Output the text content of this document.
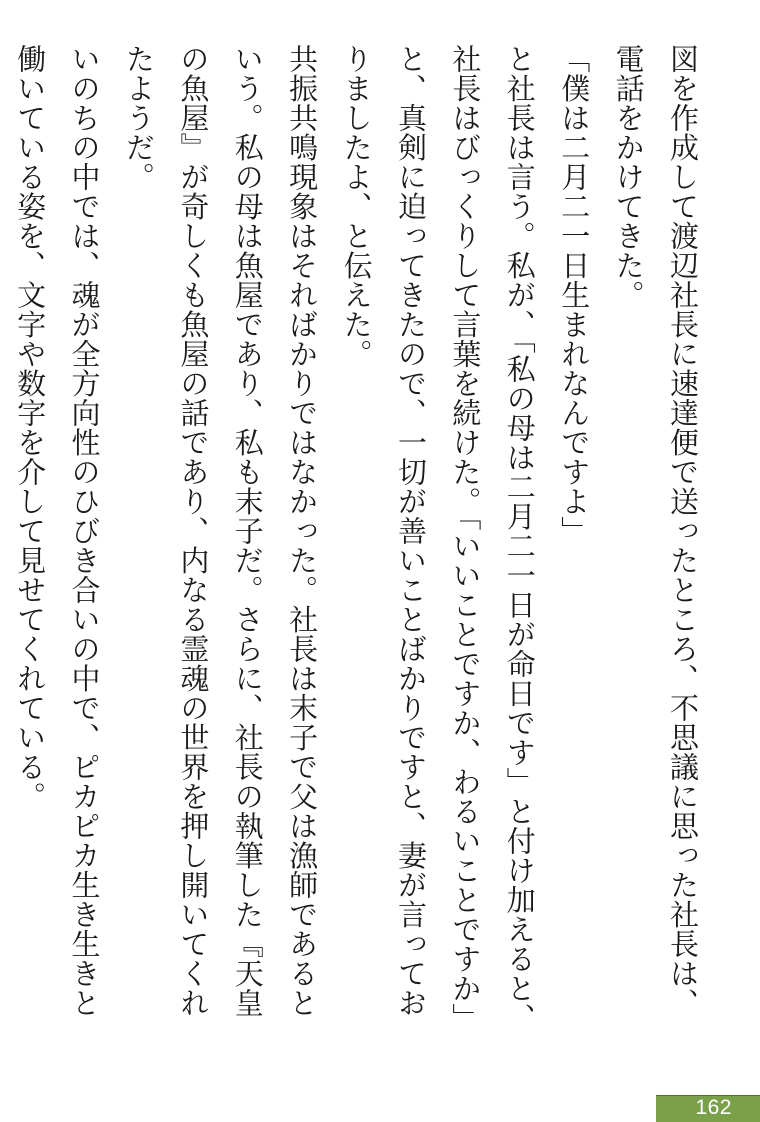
図を作成して渡辺社長に速達便で送ったところ、不思議に思った社長は、電話をかけてきた。

「僕は二月二一日生まれなんですよ」

と社長は言う。私が、「私の母は二月二一日が命日です」と付け加えると、社長はびっくりして言葉を続けた。「いいことですか、わるいことですか」と、真剣に迫ってきたので、一切が善いことばかりですと、妻が言っておりましたよ、と伝えた。

共振共鳴現象はそればかりではなかった。社長は末子で父は漁師であるという。私の母は魚屋であり、私も末子だ。さらに、社長の執筆した『天皇の魚屋』が奇しくも魚屋の話であり、内なる霊魂の世界を押し開いてくれたようだ。

いのちの中では、魂が全方向性のひびき合いの中で、ピカピカ生き生きと働いている姿を、文字や数字を介して見せてくれている。

162
